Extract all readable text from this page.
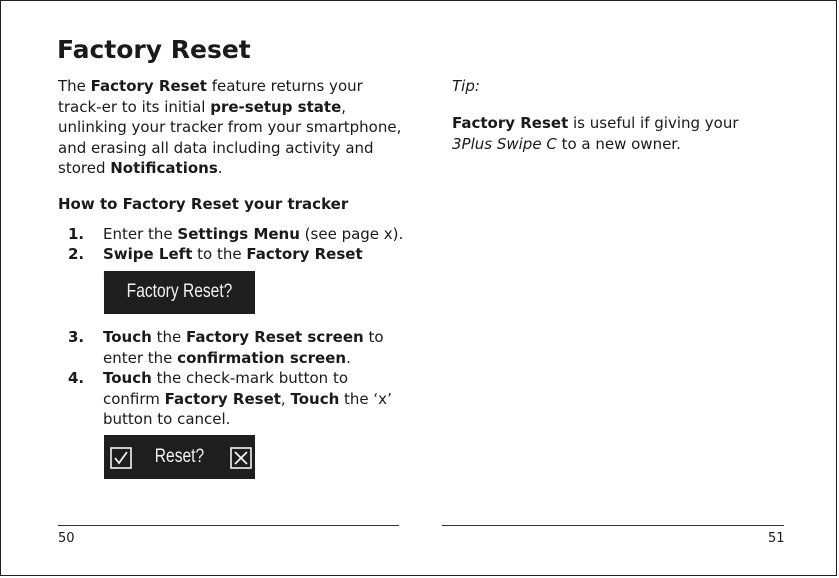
Factory Reset

The Factory Reset feature returns your track-er to its initial pre-setup state, unlinking your tracker from your smartphone, and erasing all data including activity and stored Notifications.

How to Factory Reset your tracker
1. Enter the Settings Menu (see page x).
2. Swipe Left to the Factory Reset
Factory Reset?
3. Touch the Factory Reset screen to enter the confirmation screen.
4. Touch the check-mark button to confirm Factory Reset, Touch the ‘x’ button to cancel.
Reset?

Tip:

Factory Reset is useful if giving your 3Plus Swipe C to a new owner.
50	51
